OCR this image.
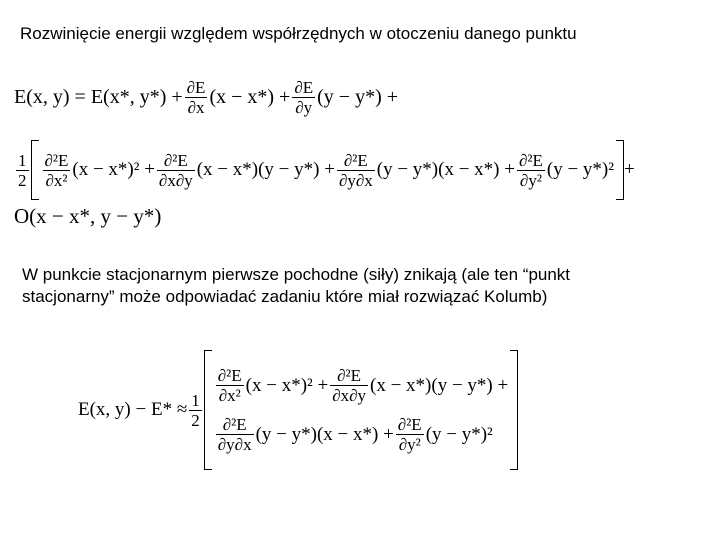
Rozwinięcie energii względem współrzędnych w otoczeniu danego punktu
E(x, y) = E(x*, $y*) + \frac{\partial E}{\partial x} (x - x*) + \frac{\partial E}{\partial y} (y - y*)$ +
$\frac{1}{2} \frac{\text{∂²E}}{\text{∂x²}} (x - x*)^2 + \frac{\text{∂²E}}{\partial x\partial y} (x - x*)(y - y*) + \frac{\text{∂²E}}{\partial y\partial x} (y - y*)(x - x*) + \frac{\text{∂²E}}{\text{∂y²}} (y - y*)^2$ +
O(x − x*, y − y*)
W punkcie stacjonarnym pierwsze pochodne (siły) znikają (ale ten “punkt
stacjonarny” może odpowiadać zadaniu które miał rozwiązać Kolumb)
E(x, $y) - E* \approx \frac{1}{2}$
$\frac{\text{∂²E}}{\text{∂x²}} (x - x*)^2 + \frac{\text{∂²E}}{\partial x\partial y} (x - x*)(y - y*)$ +
$\frac{\text{∂²E}}{\partial y\partial x} (y - y*)(x - x*) + \frac{\text{∂²E}}{\text{∂y²}} (y - y*)^2$
